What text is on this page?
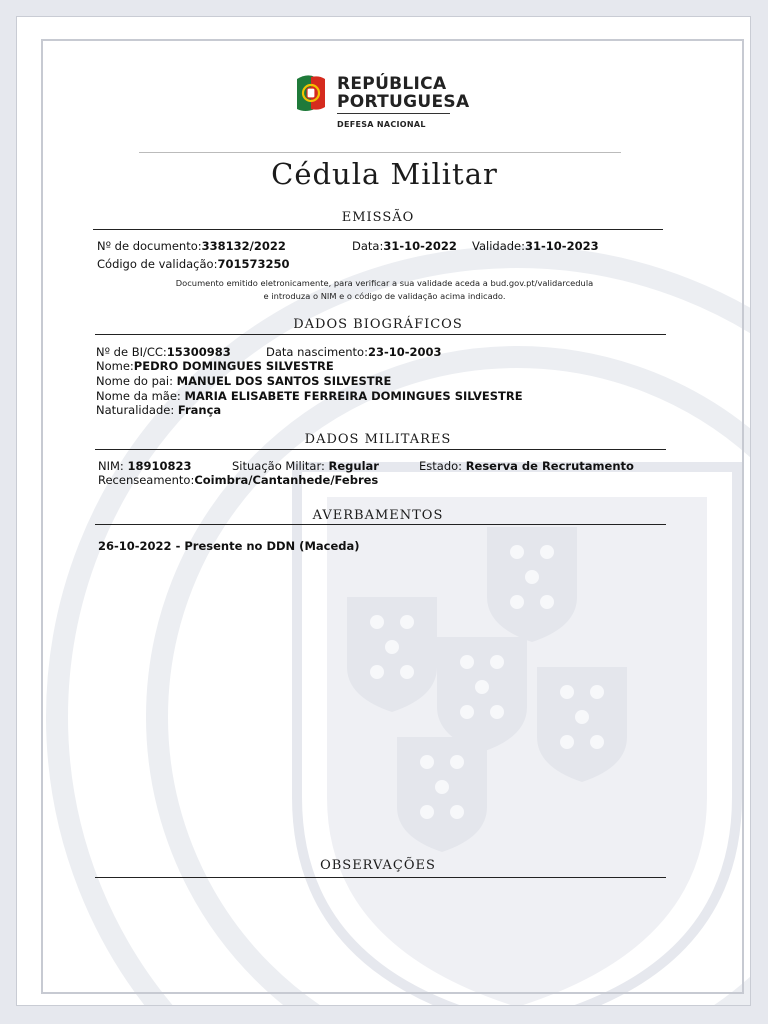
REPÚBLICA
PORTUGUESA
DEFESA NACIONAL
Cédula Militar
EMISSÃO
Nº de documento:338132/2022	Data:31-10-2022 Validade:31-10-2023
Código de validação:701573250
Documento emitido eletronicamente, para verificar a sua validade aceda a bud.gov.pt/validarcedula
e introduza o NIM e o código de validação acima indicado.
DADOS BIOGRÁFICOS
Nº de BI/CC:15300983	Data nascimento:23-10-2003
Nome:PEDRO DOMINGUES SILVESTRE
Nome do pai: MANUEL DOS SANTOS SILVESTRE
Nome da mãe: MARIA ELISABETE FERREIRA DOMINGUES SILVESTRE
Naturalidade: França
DADOS MILITARES
NIM: 18910823	Situação Militar: Regular	Estado: Reserva de Recrutamento
Recenseamento:Coimbra/Cantanhede/Febres
AVERBAMENTOS
26-10-2022 - Presente no DDN (Maceda)
OBSERVAÇÕES
